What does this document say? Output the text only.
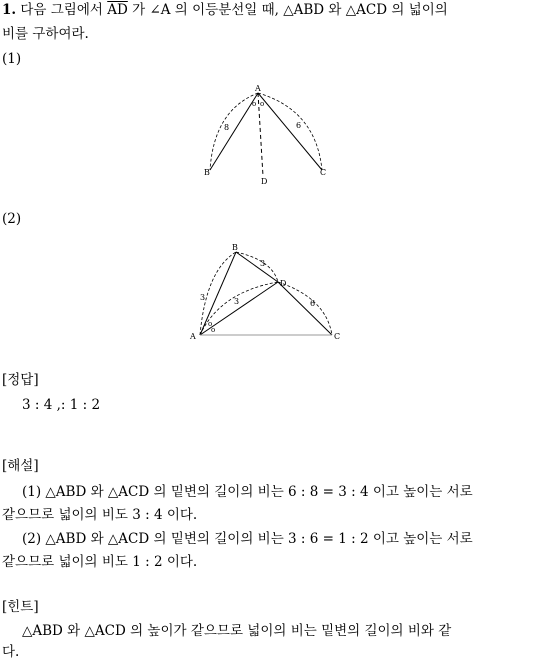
1. 다음 그림에서 $\overline{AD}$ 가 ∠A 의 이등분선일 때, △ABD 와 △ACD 의 넓이의
비를 구하여라.
(1)
A
B	C
D
o o
8	6
(2)
A
B
C
D
o
o
3
3
3	6
[정답]
3 : 4 ,: 1 : 2
[해설]
(1) △ABD 와 △ACD 의 밑변의 길이의 비는 6 : 8 = 3 : 4 이고 높이는 서로
같으므로 넓이의 비도 3 : 4 이다.
(2) △ABD 와 △ACD 의 밑변의 길이의 비는 3 : 6 = 1 : 2 이고 높이는 서로
같으므로 넓이의 비도 1 : 2 이다.
[힌트]
△ABD 와 △ACD 의 높이가 같으므로 넓이의 비는 밑변의 길이의 비와 같
다.
